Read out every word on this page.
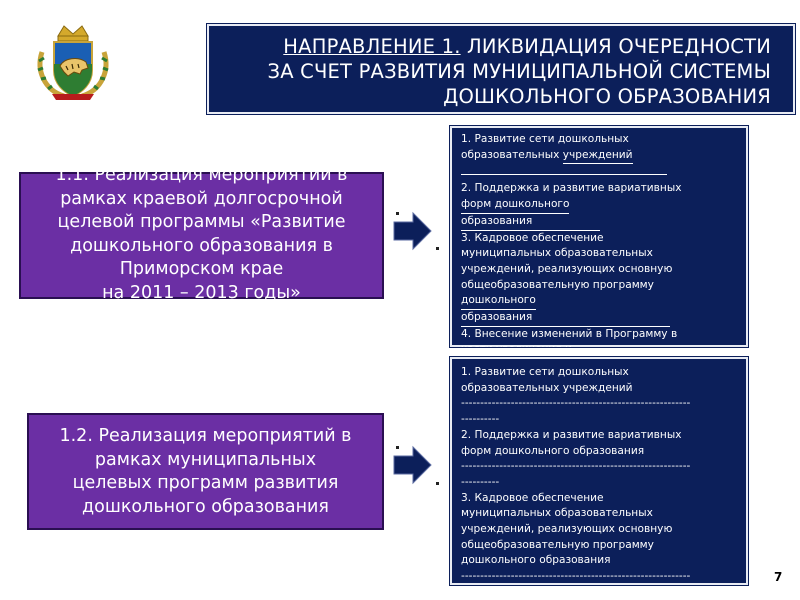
НАПРАВЛЕНИЕ 1. ЛИКВИДАЦИЯ ОЧЕРЕДНОСТИ
ЗА СЧЕТ РАЗВИТИЯ МУНИЦИПАЛЬНОЙ СИСТЕМЫ
ДОШКОЛЬНОГО ОБРАЗОВАНИЯ
1.1. Реализация мероприятий в
рамках краевой долгосрочной
целевой программы «Развитие
дошкольного образования в
Приморском крае
на 2011 – 2013 годы»
1. Развитие сети дошкольных
образовательных учреждений
2. Поддержка и развитие вариативных
форм дошкольного
образования
3. Кадровое обеспечение
муниципальных образовательных
учреждений, реализующих основную
общеобразовательную программу
дошкольного
образования
4. Внесение изменений в Программу в
части увеличения и
1.2. Реализация мероприятий в
рамках муниципальных
целевых программ развития
дошкольного образования
1. Развитие сети дошкольных
образовательных учреждений
------------------------------------------------------------
----------
2. Поддержка и развитие вариативных
форм дошкольного образования
------------------------------------------------------------
----------
3. Кадровое обеспечение
муниципальных образовательных
учреждений, реализующих основную
общеобразовательную программу
дошкольного образования
------------------------------------------------------------	7
